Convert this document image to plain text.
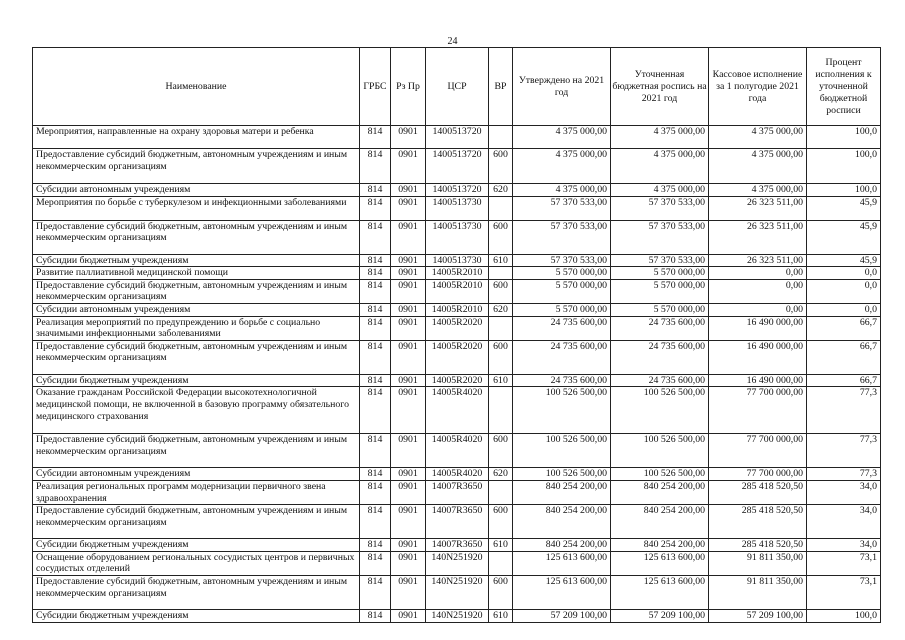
24
Наименование	ГРБС	Рз Пр	ЦСР	ВР	Утверждено на 2021 год	Уточненная бюджетная роспись на 2021 год	Кассовое исполнение за 1 полугодие 2021 года	Процент исполнения к уточненной бюджетной росписи
Мероприятия, направленные на охрану здоровья матери и ребенка	814	0901	1400513720		4 375 000,00	4 375 000,00	4 375 000,00	100,0
Предоставление субсидий бюджетным, автономным учреждениям и иным некоммерческим организациям	814	0901	1400513720	600	4 375 000,00	4 375 000,00	4 375 000,00	100,0
Субсидии автономным учреждениям	814	0901	1400513720	620	4 375 000,00	4 375 000,00	4 375 000,00	100,0
Мероприятия по борьбе с туберкулезом и инфекционными заболеваниями	814	0901	1400513730		57 370 533,00	57 370 533,00	26 323 511,00	45,9
Предоставление субсидий бюджетным, автономным учреждениям и иным некоммерческим организациям	814	0901	1400513730	600	57 370 533,00	57 370 533,00	26 323 511,00	45,9
Субсидии бюджетным учреждениям	814	0901	1400513730	610	57 370 533,00	57 370 533,00	26 323 511,00	45,9
Развитие паллиативной медицинской помощи	814	0901	14005R2010		5 570 000,00	5 570 000,00	0,00	0,0
Предоставление субсидий бюджетным, автономным учреждениям и иным некоммерческим организациям	814	0901	14005R2010	600	5 570 000,00	5 570 000,00	0,00	0,0
Субсидии автономным учреждениям	814	0901	14005R2010	620	5 570 000,00	5 570 000,00	0,00	0,0
Реализация мероприятий по предупреждению и борьбе с социально значимыми инфекционными заболеваниями	814	0901	14005R2020		24 735 600,00	24 735 600,00	16 490 000,00	66,7
Предоставление субсидий бюджетным, автономным учреждениям и иным некоммерческим организациям	814	0901	14005R2020	600	24 735 600,00	24 735 600,00	16 490 000,00	66,7
Субсидии бюджетным учреждениям	814	0901	14005R2020	610	24 735 600,00	24 735 600,00	16 490 000,00	66,7
Оказание гражданам Российской Федерации высокотехнологичной медицинской помощи, не включенной в базовую программу обязательного медицинского страхования	814	0901	14005R4020		100 526 500,00	100 526 500,00	77 700 000,00	77,3
Предоставление субсидий бюджетным, автономным учреждениям и иным некоммерческим организациям	814	0901	14005R4020	600	100 526 500,00	100 526 500,00	77 700 000,00	77,3
Субсидии автономным учреждениям	814	0901	14005R4020	620	100 526 500,00	100 526 500,00	77 700 000,00	77,3
Реализация региональных программ модернизации первичного звена здравоохранения	814	0901	14007R3650		840 254 200,00	840 254 200,00	285 418 520,50	34,0
Предоставление субсидий бюджетным, автономным учреждениям и иным некоммерческим организациям	814	0901	14007R3650	600	840 254 200,00	840 254 200,00	285 418 520,50	34,0
Субсидии бюджетным учреждениям	814	0901	14007R3650	610	840 254 200,00	840 254 200,00	285 418 520,50	34,0
Оснащение оборудованием региональных сосудистых центров и первичных сосудистых отделений	814	0901	140N251920		125 613 600,00	125 613 600,00	91 811 350,00	73,1
Предоставление субсидий бюджетным, автономным учреждениям и иным некоммерческим организациям	814	0901	140N251920	600	125 613 600,00	125 613 600,00	91 811 350,00	73,1
Субсидии бюджетным учреждениям	814	0901	140N251920	610	57 209 100,00	57 209 100,00	57 209 100,00	100,0
